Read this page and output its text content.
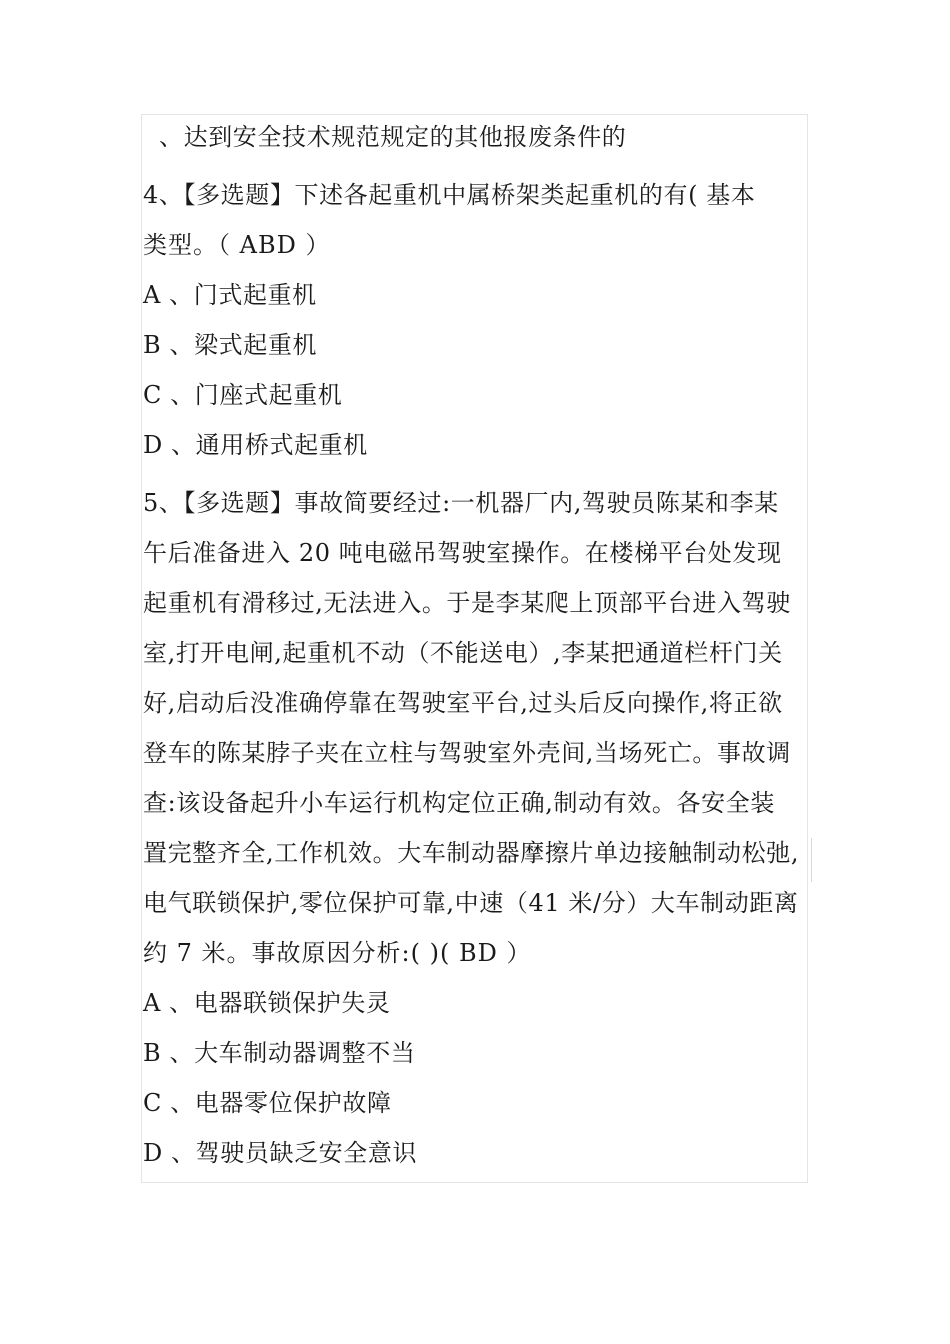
、达到安全技术规范规定的其他报废条件的
4、【多选题】下述各起重机中属桥架类起重机的有( 基本
类型。（ ABD ）
A 、门式起重机
B 、梁式起重机
C 、门座式起重机
D 、通用桥式起重机
5、【多选题】事故简要经过:一机器厂内,驾驶员陈某和李某
午后准备进入 20 吨电磁吊驾驶室操作。在楼梯平台处发现
起重机有滑移过,无法进入。于是李某爬上顶部平台进入驾驶
室,打开电闸,起重机不动（不能送电）,李某把通道栏杆门关
好,启动后没准确停靠在驾驶室平台,过头后反向操作,将正欲
登车的陈某脖子夹在立柱与驾驶室外壳间,当场死亡。事故调
查:该设备起升小车运行机构定位正确,制动有效。各安全装
置完整齐全,工作机效。大车制动器摩擦片单边接触制动松弛,
电气联锁保护,零位保护可靠,中速（41 米/分）大车制动距离
约 7 米。事故原因分析:( )( BD ）
A 、电器联锁保护失灵
B 、大车制动器调整不当
C 、电器零位保护故障
D 、驾驶员缺乏安全意识
